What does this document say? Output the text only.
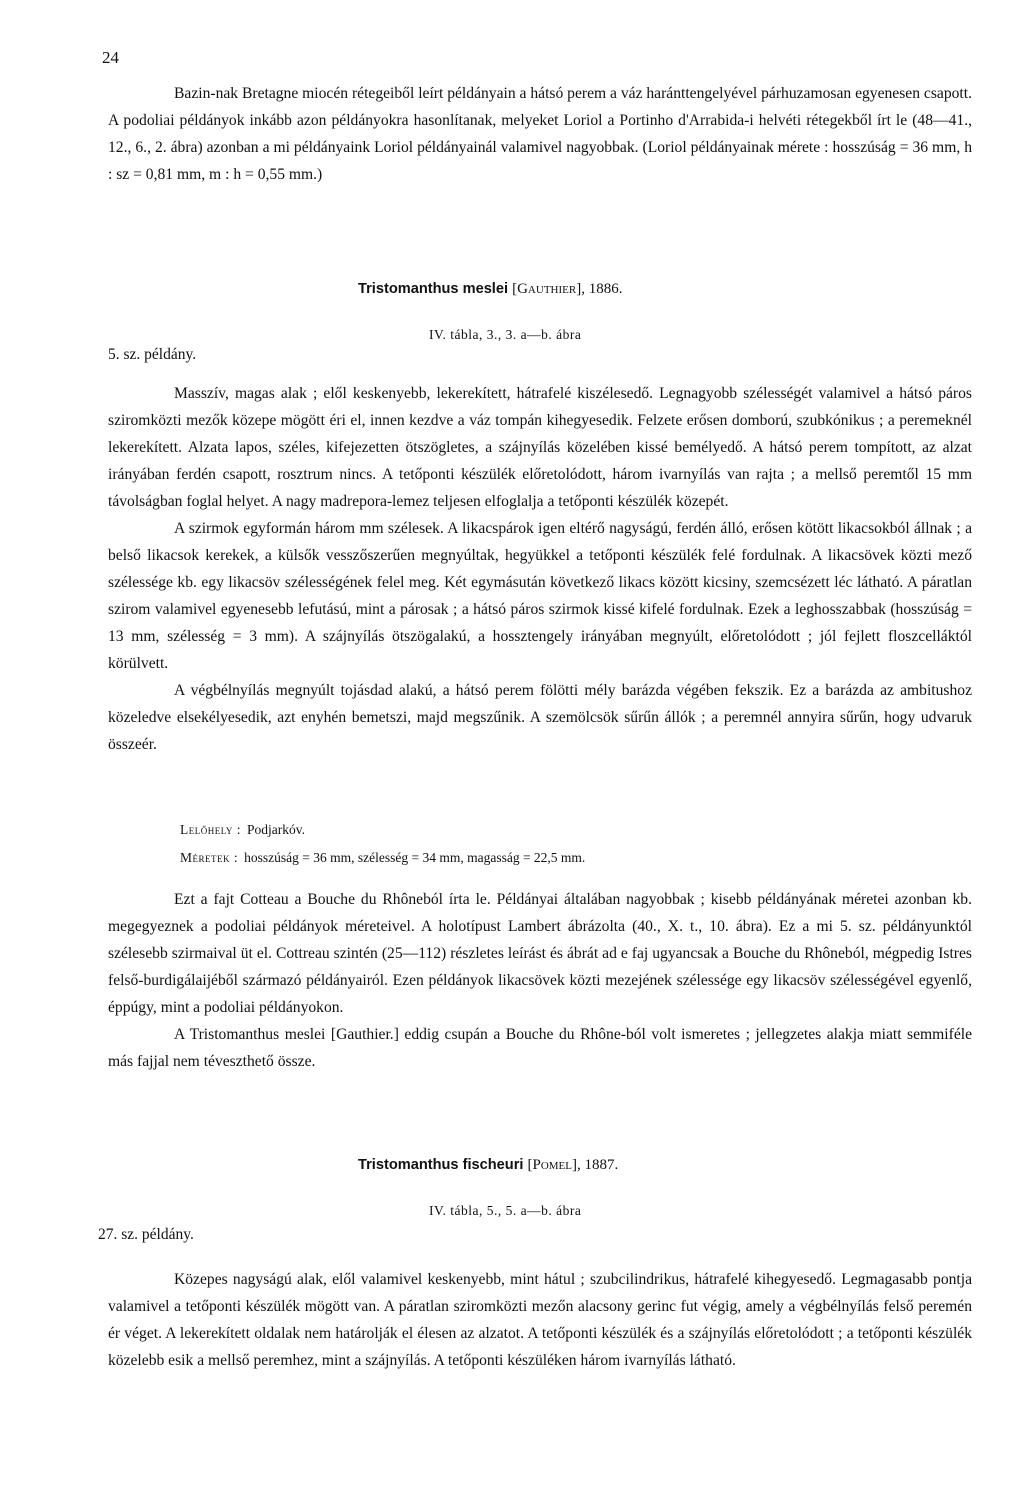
24

Bazin-nak Bretagne miocén rétegeiből leírt példányain a hátsó perem a váz haránttengelyével párhuzamosan egyenesen csapott. A podoliai példányok inkább azon példányokra hasonlítanak, melyeket Loriol a Portinho d'Arrabida-i helvéti rétegekből írt le (48—41., 12., 6., 2. ábra) azonban a mi példányaink Loriol példányainál valamivel nagyobbak. (Loriol példányainak mérete : hosszúság = 36 mm, h : sz = 0,81 mm, m : h = 0,55 mm.)

Tristomanthus meslei [Gauthier], 1886.
IV. tábla, 3., 3. a—b. ábra
5. sz. példány.

Masszív, magas alak ; elől keskenyebb, lekerekített, hátrafelé kiszélesedő. Legnagyobb szélességét valamivel a hátsó páros sziromközti mezők közepe mögött éri el, innen kezdve a váz tompán kihegyesedik. Felzete erősen domború, szubkónikus ; a peremeknél lekerekített. Alzata lapos, széles, kifejezetten ötszögletes, a szájnyílás közelében kissé bemélyedő. A hátsó perem tompított, az alzat irányában ferdén csapott, rosztrum nincs. A tetőponti készülék előretolódott, három ivarnyílás van rajta ; a mellső peremtől 15 mm távolságban foglal helyet. A nagy madrepora-lemez teljesen elfoglalja a tetőponti készülék közepét.

A szirmok egyformán három mm szélesek. A likacspárok igen eltérő nagyságú, ferdén álló, erősen kötött likacsokból állnak ; a belső likacsok kerekek, a külsők vesszőszerűen megnyúltak, hegyükkel a tetőponti készülék felé fordulnak. A likacsövek közti mező szélessége kb. egy likacsöv szélességének felel meg. Két egymásután következő likacs között kicsiny, szemcsézett léc látható. A páratlan szirom valamivel egyenesebb lefutású, mint a párosak ; a hátsó páros szirmok kissé kifelé fordulnak. Ezek a leghosszabbak (hosszúság = 13 mm, szélesség = 3 mm). A szájnyílás ötszögalakú, a hossztengely irányában megnyúlt, előretolódott ; jól fejlett floszcelláktól körülvett.

A végbélnyílás megnyúlt tojásdad alakú, a hátsó perem fölötti mély barázda végében fekszik. Ez a barázda az ambitushoz közeledve elsekélyesedik, azt enyhén bemetszi, majd megszűnik. A szemölcsök sűrűn állók ; a peremnél annyira sűrűn, hogy udvaruk összeér.

Lelőhely : Podjarkóv.
Méretek : hosszúság = 36 mm, szélesség = 34 mm, magasság = 22,5 mm.

Ezt a fajt Cotteau a Bouche du Rhôneból írta le. Példányai általában nagyobbak ; kisebb példányának méretei azonban kb. megegyeznek a podoliai példányok méreteivel. A holotípust Lambert ábrázolta (40., X. t., 10. ábra). Ez a mi 5. sz. példányunktól szélesebb szirmaival üt el. Cottreau szintén (25—112) részletes leírást és ábrát ad e faj ugyancsak a Bouche du Rhôneból, mégpedig Istres felső-burdigálaijéből származó példányairól. Ezen példányok likacsövek közti mezejének szélessége egy likacsöv szélességével egyenlő, éppúgy, mint a podoliai példányokon.

A Tristomanthus meslei [Gauthier.] eddig csupán a Bouche du Rhône-ból volt ismeretes ; jellegzetes alakja miatt semmiféle más fajjal nem téveszthető össze.

Tristomanthus fischeuri [Pomel], 1887.
IV. tábla, 5., 5. a—b. ábra
27. sz. példány.

Közepes nagyságú alak, elől valamivel keskenyebb, mint hátul ; szubcilindrikus, hátrafelé kihegyesedő. Legmagasabb pontja valamivel a tetőponti készülék mögött van. A páratlan sziromközti mezőn alacsony gerinc fut végig, amely a végbélnyílás felső peremén ér véget. A lekerekített oldalak nem határolják el élesen az alzatot. A tetőponti készülék és a szájnyílás előretolódott ; a tetőponti készülék közelebb esik a mellső peremhez, mint a szájnyílás. A tetőponti készüléken három ivarnyílás látható.
